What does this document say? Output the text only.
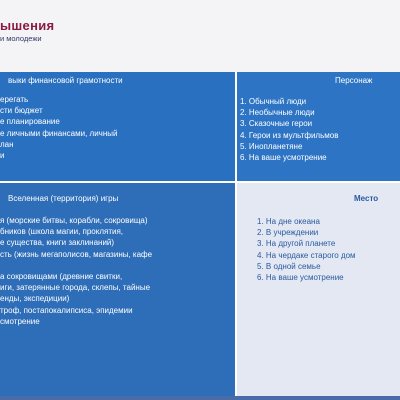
ышения
и молодежи
выки финансовой грамотности
ерегать
сти бюджет
е планирование
е личными финансами, личный
лан
и
Персонаж
1. Обычный люди
2. Необычные люди
3. Сказочные герои
4. Герои из мультфильмов
5. Инопланетяне
6. На ваше усмотрение
Вселенная (территория) игры
я (морские битвы, корабли, сокровища)
бников (школа магии, проклятия,
е существа, книги заклинаний)
сть (жизнь мегаполисов, магазины, кафе
а сокровищами (древние свитки,
иги, затерянные города, склепы, тайные
енды, экспедиции)
троф, постапокалипсиса, эпидемии
смотрение
Место
1. На дне океана
2. В учреждении
3. На другой планете
4. На чердаке старого дом
5. В одной семье
6. На ваше усмотрение
